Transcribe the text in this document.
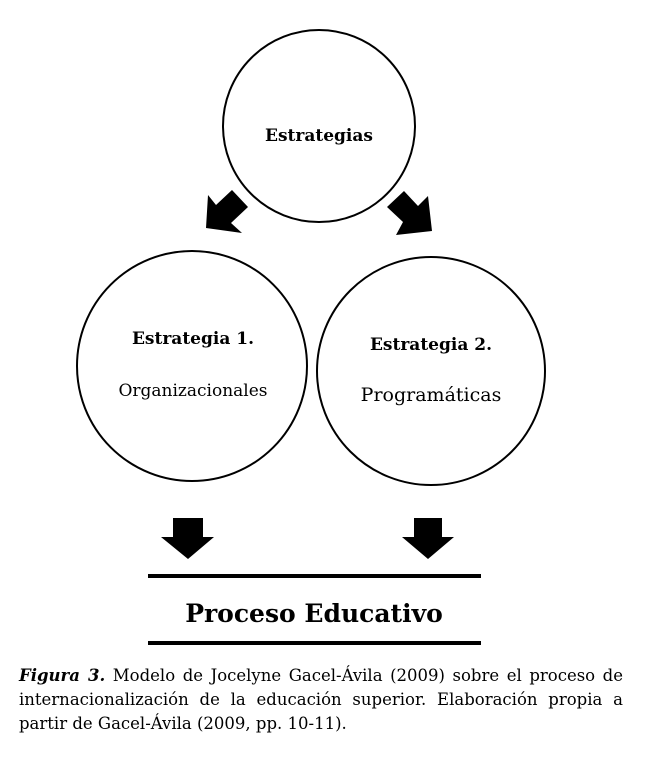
Estrategias
Estrategia 1.
Organizacionales
Estrategia 2.
Programáticas
Proceso Educativo

Figura 3. Modelo de Jocelyne Gacel-Ávila (2009) sobre el proceso de internacionalización de la educación superior. Elaboración propia a partir de Gacel-Ávila (2009, pp. 10-11).
